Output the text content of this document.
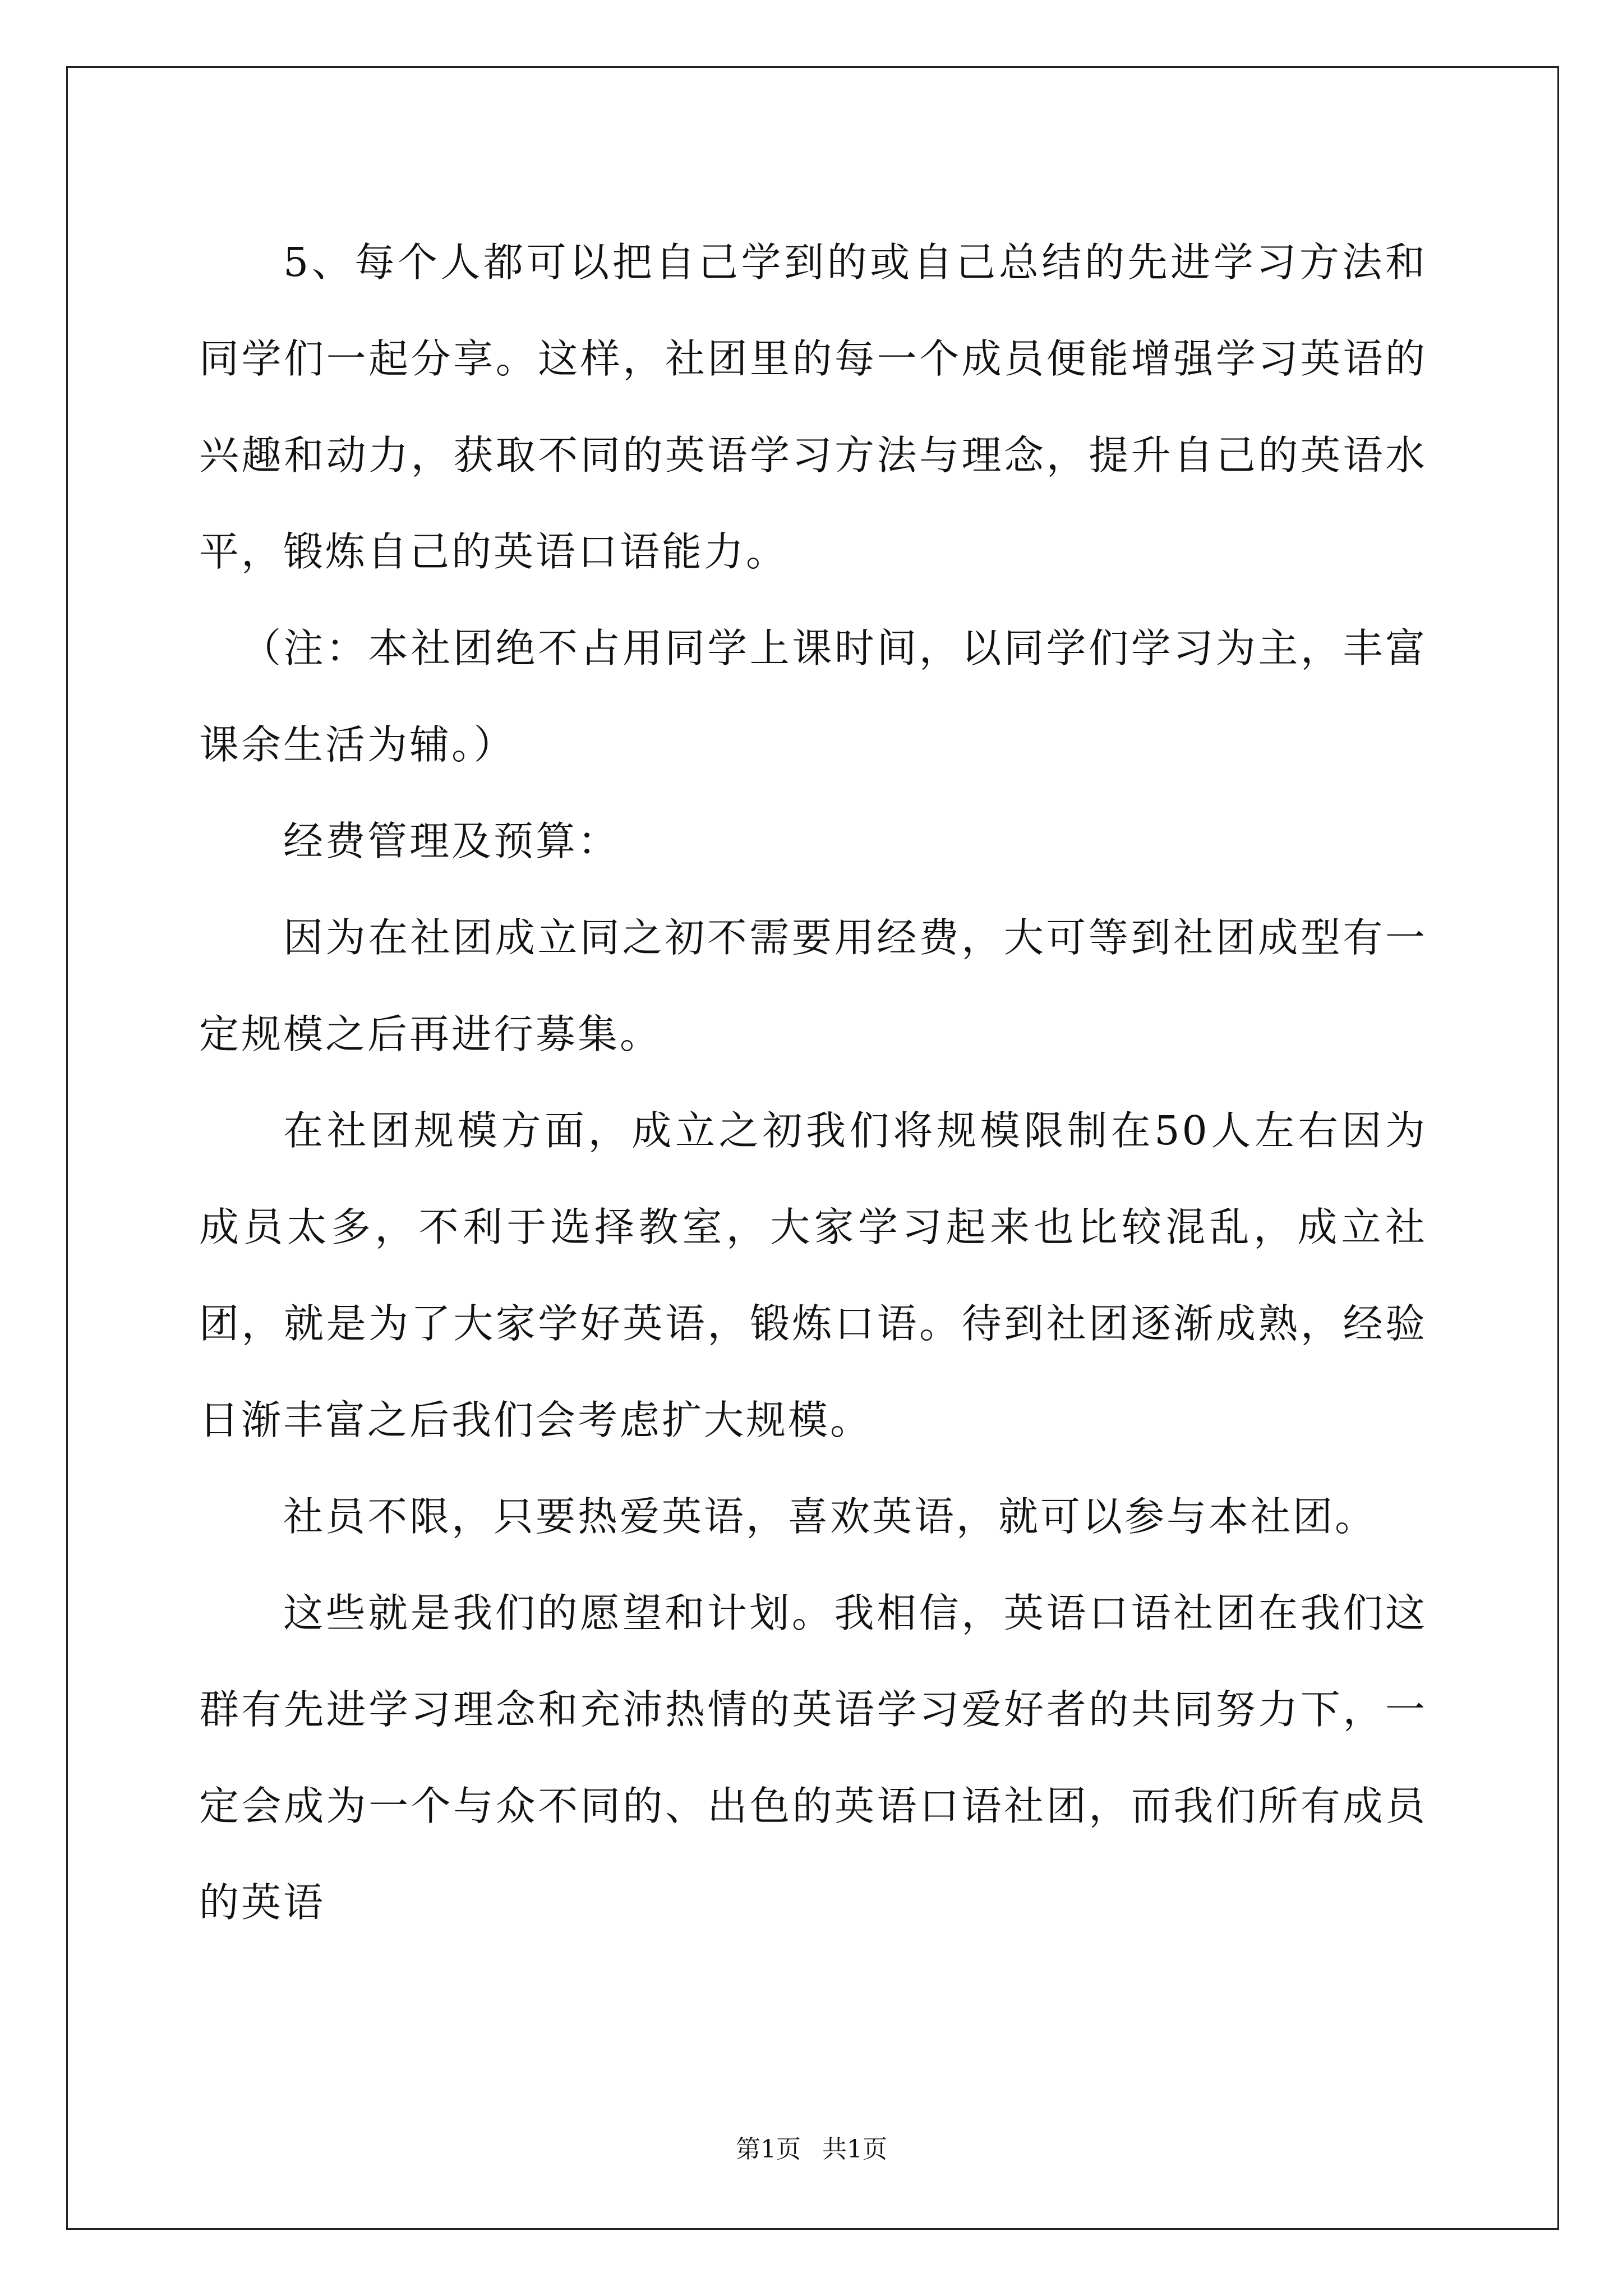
5、每个人都可以把自己学到的或自己总结的先进学习方法和同学们一起分享。这样，社团里的每一个成员便能增强学习英语的兴趣和动力，获取不同的英语学习方法与理念，提升自己的英语水平，锻炼自己的英语口语能力。

（注：本社团绝不占用同学上课时间，以同学们学习为主，丰富课余生活为辅。）

经费管理及预算：

因为在社团成立同之初不需要用经费，大可等到社团成型有一定规模之后再进行募集。

在社团规模方面，成立之初我们将规模限制在50人左右因为成员太多，不利于选择教室，大家学习起来也比较混乱，成立社团，就是为了大家学好英语，锻炼口语。待到社团逐渐成熟，经验日渐丰富之后我们会考虑扩大规模。

社员不限，只要热爱英语，喜欢英语，就可以参与本社团。

这些就是我们的愿望和计划。我相信，英语口语社团在我们这群有先进学习理念和充沛热情的英语学习爱好者的共同努力下，一定会成为一个与众不同的、出色的英语口语社团，而我们所有成员的英语

第1页 共1页
